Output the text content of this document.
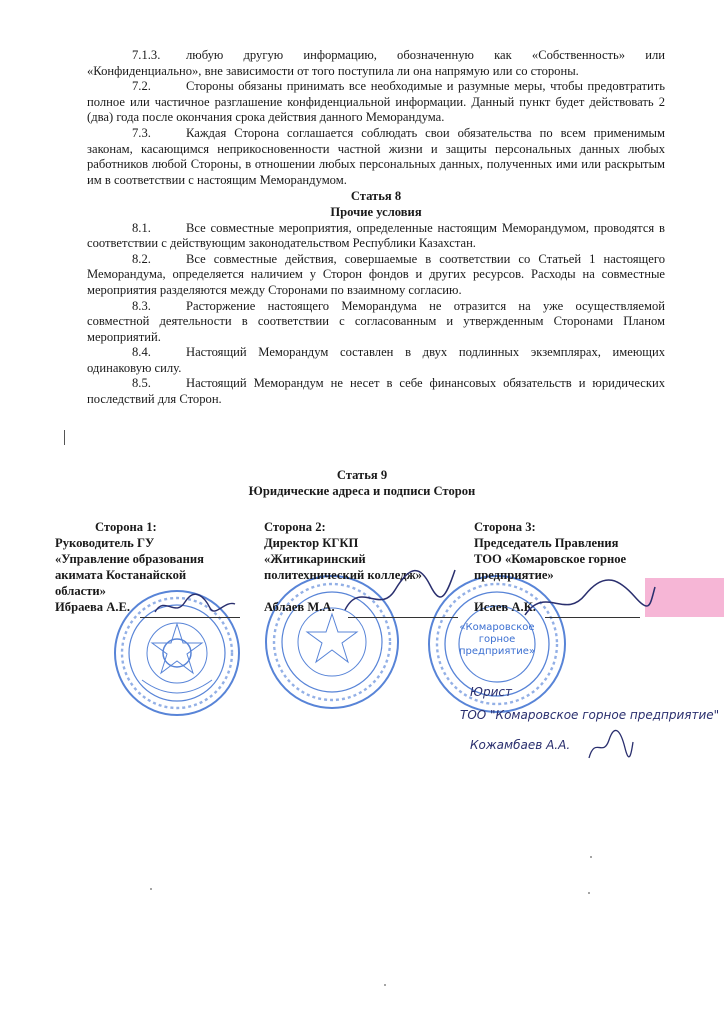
7.1.3. любую другую информацию, обозначенную как «Собственность» или «Конфиденциально», вне зависимости от того поступила ли она напрямую или со стороны.

7.2.	Стороны обязаны принимать все необходимые и разумные меры, чтобы предовтратить полное или частичное разглашение конфиденциальной информации. Данный пункт будет действовать 2 (два) года после окончания срока действия данного Меморандума.

7.3.	Каждая Сторона соглашается соблюдать свои обязательства по всем применимым законам, касающимся неприкосновенности частной жизни и защиты персональных данных любых работников любой Стороны, в отношении любых персональных данных, полученных ими или раскрытым им в соответствии с настоящим Меморандумом.

Статья 8
Прочие условия

8.1.	Все совместные мероприятия, определенные настоящим Меморандумом, проводятся в соответствии с действующим законодательством Республики Казахстан.

8.2.	Все совместные действия, совершаемые в соответствии со Статьей 1 настоящего Меморандума, определяется наличием у Сторон фондов и других ресурсов. Расходы на совместные мероприятия разделяются между Сторонами по взаимному согласию.

8.3.	Расторжение настоящего Меморандума не отразится на уже осуществляемой совместной деятельности в соответствии с согласованным и утвержденным Сторонами Планом мероприятий.

8.4.	Настоящий Меморандум составлен в двух подлинных экземплярах, имеющих одинаковую силу.

8.5.	Настоящий Меморандум не несет в себе финансовых обязательств и юридических последствий для Сторон.

Статья 9
Юридические адреса и подписи Сторон
«Комаровское
горное
предприятие»
Сторона 1:
Руководитель ГУ
«Управление образования
акимата Костанайской
области»
Ибраева А.Е.
Сторона 2:
Директор КГКП
«Житикаринский
политехнический колледж»
Аблаев М.А.
Сторона 3:
Председатель Правления
ТОО «Комаровское горное
предприятие»
Исаев А.К.
Юрист
ТОО "Комаровское горное предприятие"
Кожамбаев А.А.
